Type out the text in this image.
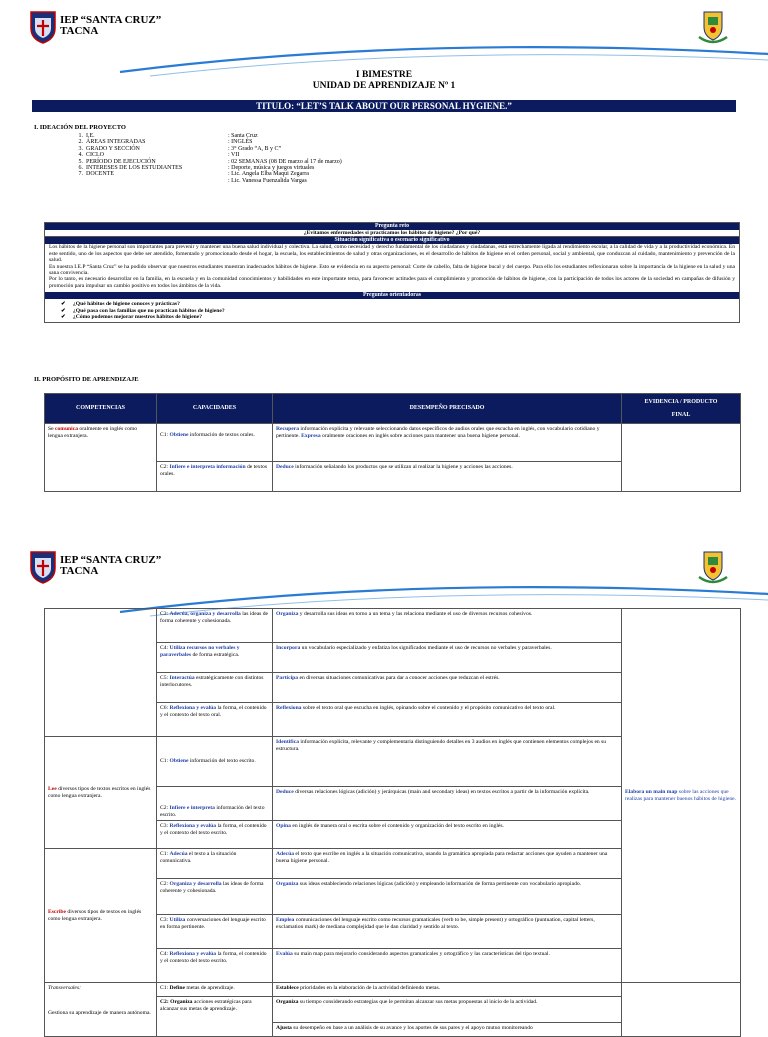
IEP “SANTA CRUZ”
TACNA
I BIMESTRE
UNIDAD DE APRENDIZAJE Nº 1
TITULO: “LET’S TALK ABOUT OUR PERSONAL HYGIENE.”
I. IDEACIÓN DEL PROYECTO
1. I.E.	: Santa Cruz
2. ÁREAS INTEGRADAS	: INGLÉS
3. GRADO Y SECCIÓN	: 3° Grado “A, B y C”
4. CICLO	: VII
5. PERÍODO DE EJECUCIÓN	: 02 SEMANAS (08 DE marzo al 17 de marzo)
6. INTERESES DE LOS ESTUDIANTES	: Deporte, música y juegos virtuales
7. DOCENTE	: Lic. Angela Elba Maqui Zegarra
: Lic. Vanessa Fuenzalida Vargas
Pregunta reto
¿Evitamos enfermedades si practicamos los hábitos de higiene? ¿Por qué?
Situación significativa o escenario significativo
Los hábitos de la higiene personal son importantes para prevenir y mantener una buena salud individual y colectiva. La salud, como necesidad y derecho fundamental de los ciudadanos y ciudadanas, está estrechamente ligada al rendimiento escolar, a la calidad de vida y a la productividad económica. En este sentido, uno de los aspectos que debe ser atendido, fomentado y promocionado desde el hogar, la escuela, los establecimientos de salud y otras organizaciones, es el desarrollo de hábitos de higiene en el orden personal, social y ambiental, que conduzcan al cuidado, mantenimiento y prevención de la salud.
En nuestra I.E.P “Santa Cruz” se ha podido observar que nuestros estudiantes muestran inadecuados hábitos de higiene. Esto se evidencia en su aspecto personal: Corte de cabello, falta de higiene bucal y del cuerpo. Para ello los estudiantes reflexionaran sobre la importancia de la higiene en la salud y una sana convivencia.
Por lo tanto, es necesario desarrollar en la familia, en la escuela y en la comunidad conocimientos y habilidades en este importante tema, para favorecer actitudes para el cumplimiento y promoción de hábitos de higiene, con la participación de todos los actores de la sociedad en campañas de difusión y promoción para impulsar un cambio positivo en todos los ámbitos de la vida.
Preguntas orientadoras
✔	¿Qué hábitos de higiene conoces y prácticas?
✔	¿Qué pasa con las familias que no practican hábitos de higiene?
✔	¿Cómo podemos mejorar nuestros hábitos de higiene?
II. PROPÓSITO DE APRENDIZAJE
COMPETENCIAS	CAPACIDADES	DESEMPEÑO PRECISADO	EVIDENCIA / PRODUCTO
FINAL

Se comunica oralmente en inglés como lengua extranjera.	C1: Obtiene información de textos orales.	Recupera información explícita y relevante seleccionando datos específicos de audios orales que escucha en inglés, con vocabulario cotidiano y pertinente. Expresa oralmente oraciones en inglés sobre acciones para mantener una buena higiene personal.	
	C2: Infiere e interpreta información de textos orales.	Deduce información señalando los productos que se utilizan al realizar la higiene y acciones las acciones.	
IEP “SANTA CRUZ”
TACNA
	C3: Adecúa, organiza y desarrolla las ideas de forma coherente y cohesionada.	Organiza y desarrolla sus ideas en torno a un tema y las relaciona mediante el uso de diversos recursos cohesivos.	Elabora un main map sobre las acciones que realizas para mantener buenos hábitos de higiene.
	C4: Utiliza recursos no verbales y paraverbales de forma estratégica.	Incorpora un vocabulario especializado y enfatiza los significados mediante el uso de recursos no verbales y paraverbales.	
	C5: Interactúa estratégicamente con distintos interlocutores.	Participa en diversas situaciones comunicativas para dar a conocer acciones que reduzcan el estrés.	
	C6: Reflexiona y evalúa la forma, el contenido y el contexto del texto oral.	Reflexiona sobre el texto oral que escucha en inglés, opinando sobre el contenido y el propósito comunicativo del texto oral.	
Lee diversos tipos de textos escritos en inglés como lengua extranjera.	C1: Obtiene información del texto escrito.	Identifica información explícita, relevante y complementaria distinguiendo detalles en 3 audios en inglés que contienen elementos complejos en su estructura.	
	C2: Infiere e interpreta información del texto escrito.	Deduce diversas relaciones lógicas (adición) y jerárquicas (main and secondary ideas) en textos escritos a partir de la información explícita.	
	C3: Reflexiona y evalúa la forma, el contenido y el contexto del texto escrito.	Opina en inglés de manera oral o escrita sobre el contenido y organización del texto escrito en inglés.	
Escribe diversos tipos de textos en inglés como lengua extranjera.	C1: Adecúa el texto a la situación comunicativa.	Adecúa el texto que escribe en inglés a la situación comunicativa, usando la gramática apropiada para redactar acciones que ayuden a mantener una buena higiene personal.	
	C2: Organiza y desarrolla las ideas de forma coherente y cohesionada.	Organiza sus ideas estableciendo relaciones lógicas (adición) y empleando información de forma pertinente con vocabulario apropiado.	
	C3: Utiliza conversaciones del lenguaje escrito en forma pertinente.	Emplea comunicaciones del lenguaje escrito como recursos gramaticales (verb to be, simple present) y ortográfico (puntuation, capital letters, exclamation mark) de mediana complejidad que le dan claridad y sentido al texto.	
	C4: Reflexiona y evalúa la forma, el contenido y el contexto del texto escrito.	Evalúa su main map para mejorarlo considerando aspectos gramaticales y ortográfico y las características del tipo textual.	

Transversales:
Gestiona su aprendizaje de manera autónoma.	C1: Define metas de aprendizaje.	Establece prioridades en la elaboración de la actividad definiendo metas.	
	C2: Organiza acciones estratégicas para alcanzar sus metas de aprendizaje.	Organiza su tiempo considerando estrategias que le permitan alcanzar sus metas propuestas al inicio de la actividad.	
		Ajusta su desempeño en base a un análisis de su avance y los aportes de sus pares y el apoyo mutuo monitoreando	
